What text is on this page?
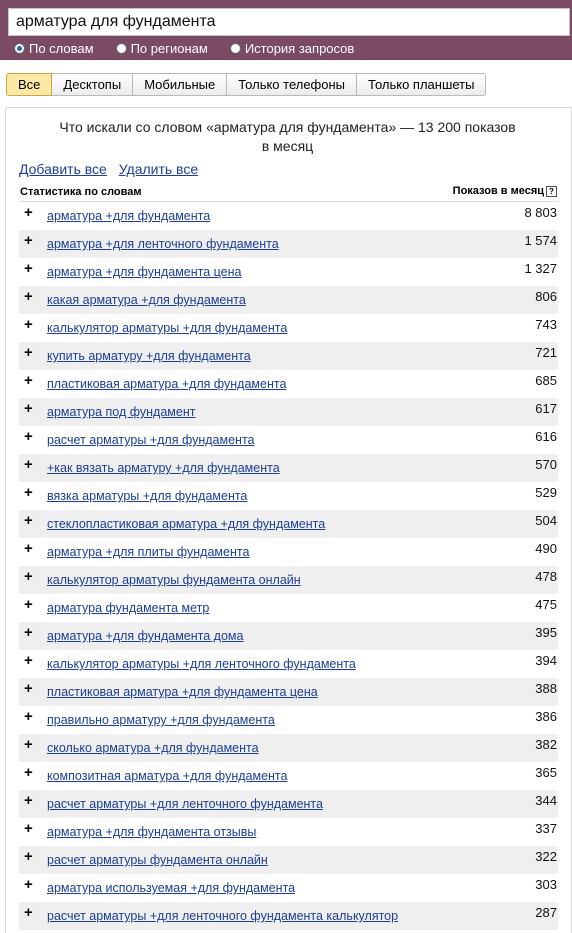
арматура для фундамента
По словам	По регионам	История запросов
Все	Десктопы	Мобильные	Только телефоны	Только планшеты
Что искали со словом «арматура для фундамента» — 13 200 показов
в месяц
Добавить все Удалить все
Статистика по словам	Показов в месяц ?
+ арматура +для фундамента	8 803
+ арматура +для ленточного фундамента	1 574
+ арматура +для фундамента цена	1 327
+ какая арматура +для фундамента	806
+ калькулятор арматуры +для фундамента	743
+ купить арматуру +для фундамента	721
+ пластиковая арматура +для фундамента	685
+ арматура под фундамент	617
+ расчет арматуры +для фундамента	616
+ +как вязать арматуру +для фундамента	570
+ вязка арматуры +для фундамента	529
+ стеклопластиковая арматура +для фундамента	504
+ арматура +для плиты фундамента	490
+ калькулятор арматуры фундамента онлайн	478
+ арматура фундамента метр	475
+ арматура +для фундамента дома	395
+ калькулятор арматуры +для ленточного фундамента	394
+ пластиковая арматура +для фундамента цена	388
+ правильно арматуру +для фундамента	386
+ сколько арматура +для фундамента	382
+ композитная арматура +для фундамента	365
+ расчет арматуры +для ленточного фундамента	344
+ арматура +для фундамента отзывы	337
+ расчет арматуры фундамента онлайн	322
+ арматура используемая +для фундамента	303
+ расчет арматуры +для ленточного фундамента калькулятор	287
